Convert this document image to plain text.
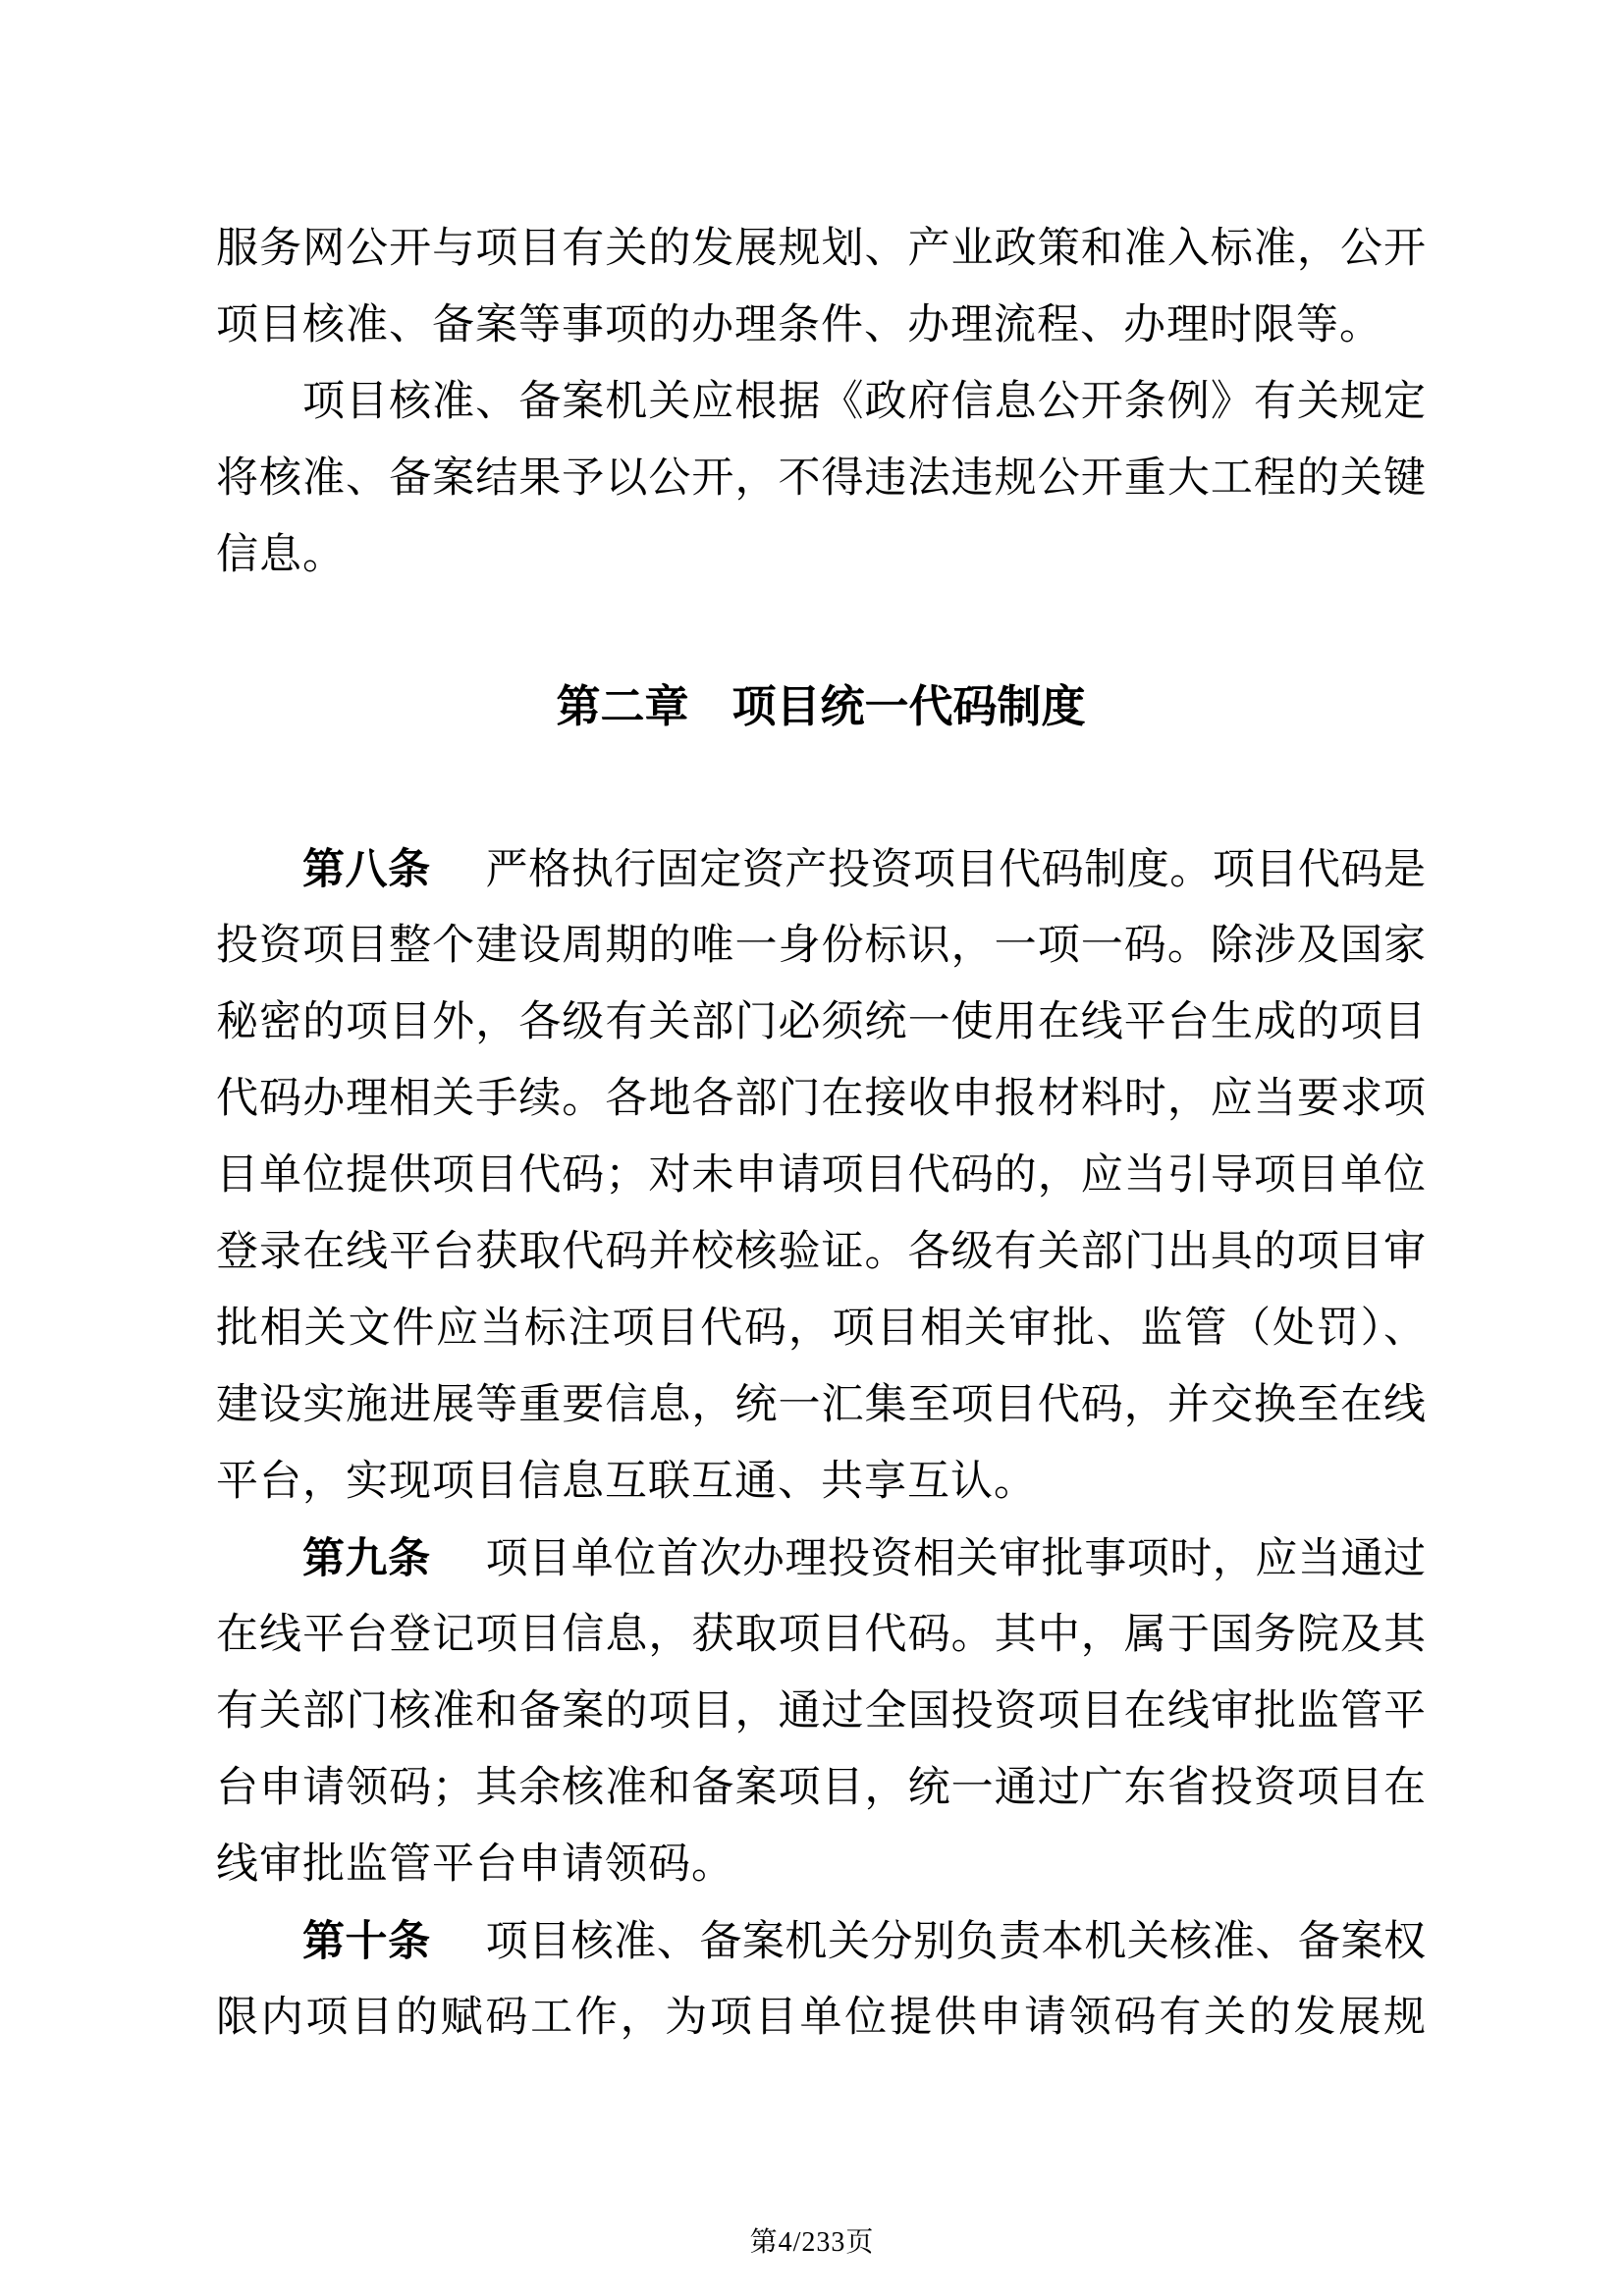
服务网公开与项目有关的发展规划、产业政策和准入标准，公开
项目核准、备案等事项的办理条件、办理流程、办理时限等。
项目核准、备案机关应根据《政府信息公开条例》有关规定
将核准、备案结果予以公开，不得违法违规公开重大工程的关键
信息。
第二章 项目统一代码制度
第八条 严格执行固定资产投资项目代码制度。项目代码是
投资项目整个建设周期的唯一身份标识，一项一码。除涉及国家
秘密的项目外，各级有关部门必须统一使用在线平台生成的项目
代码办理相关手续。各地各部门在接收申报材料时，应当要求项
目单位提供项目代码；对未申请项目代码的，应当引导项目单位
登录在线平台获取代码并校核验证。各级有关部门出具的项目审
批相关文件应当标注项目代码，项目相关审批、监管（处罚）、
建设实施进展等重要信息，统一汇集至项目代码，并交换至在线
平台，实现项目信息互联互通、共享互认。
第九条 项目单位首次办理投资相关审批事项时，应当通过
在线平台登记项目信息，获取项目代码。其中，属于国务院及其
有关部门核准和备案的项目，通过全国投资项目在线审批监管平
台申请领码；其余核准和备案项目，统一通过广东省投资项目在
线审批监管平台申请领码。
第十条 项目核准、备案机关分别负责本机关核准、备案权
限内项目的赋码工作，为项目单位提供申请领码有关的发展规
第4/233页
